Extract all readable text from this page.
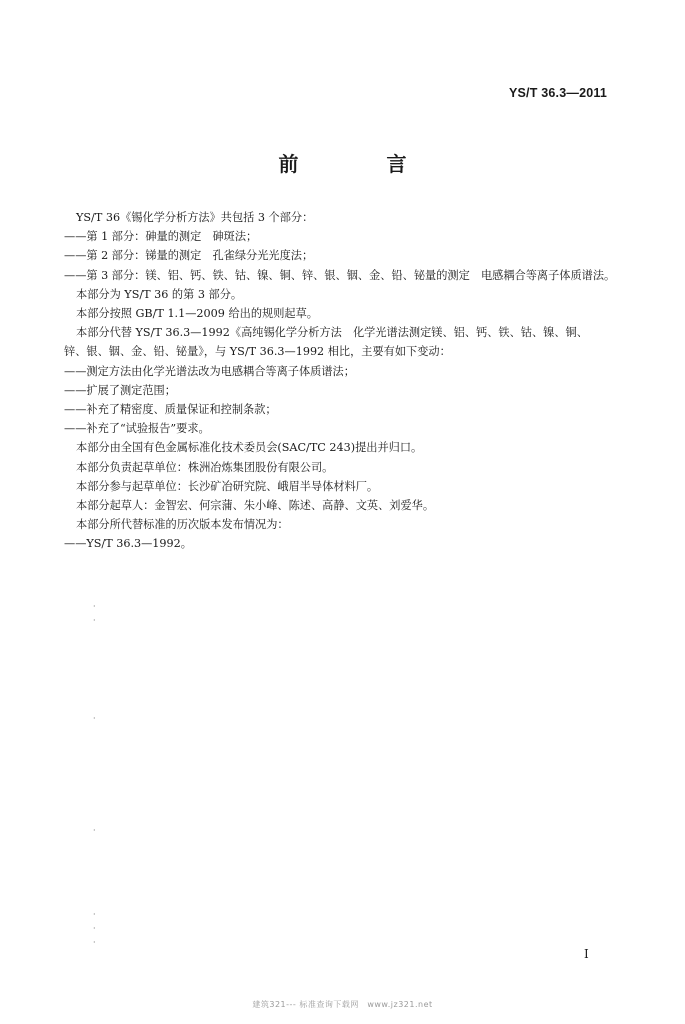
YS/T 36.3—2011
前　言
YS/T 36《锡化学分析方法》共包括 3 个部分：
——第 1 部分：砷量的测定　砷斑法；
——第 2 部分：锑量的测定　孔雀绿分光光度法；
——第 3 部分：镁、铝、钙、铁、钴、镍、铜、锌、银、铟、金、铅、铋量的测定　电感耦合等离子体质谱法。
本部分为 YS/T 36 的第 3 部分。
本部分按照 GB/T 1.1—2009 给出的规则起草。
本部分代替 YS/T 36.3—1992《高纯锡化学分析方法　化学光谱法测定镁、铝、钙、铁、钴、镍、铜、
锌、银、铟、金、铅、铋量》，与 YS/T 36.3—1992 相比，主要有如下变动：
——测定方法由化学光谱法改为电感耦合等离子体质谱法；
——扩展了测定范围；
——补充了精密度、质量保证和控制条款；
——补充了“试验报告”要求。
本部分由全国有色金属标准化技术委员会(SAC/TC 243)提出并归口。
本部分负责起草单位：株洲冶炼集团股份有限公司。
本部分参与起草单位：长沙矿冶研究院、峨眉半导体材料厂。
本部分起草人：金智宏、何宗蒲、朱小峰、陈述、高静、文英、刘爱华。
本部分所代替标准的历次版本发布情况为：
——YS/T 36.3—1992。
·
·

·

·

·
·
·
I
建筑321--- 标准查询下载网　www.jz321.net
